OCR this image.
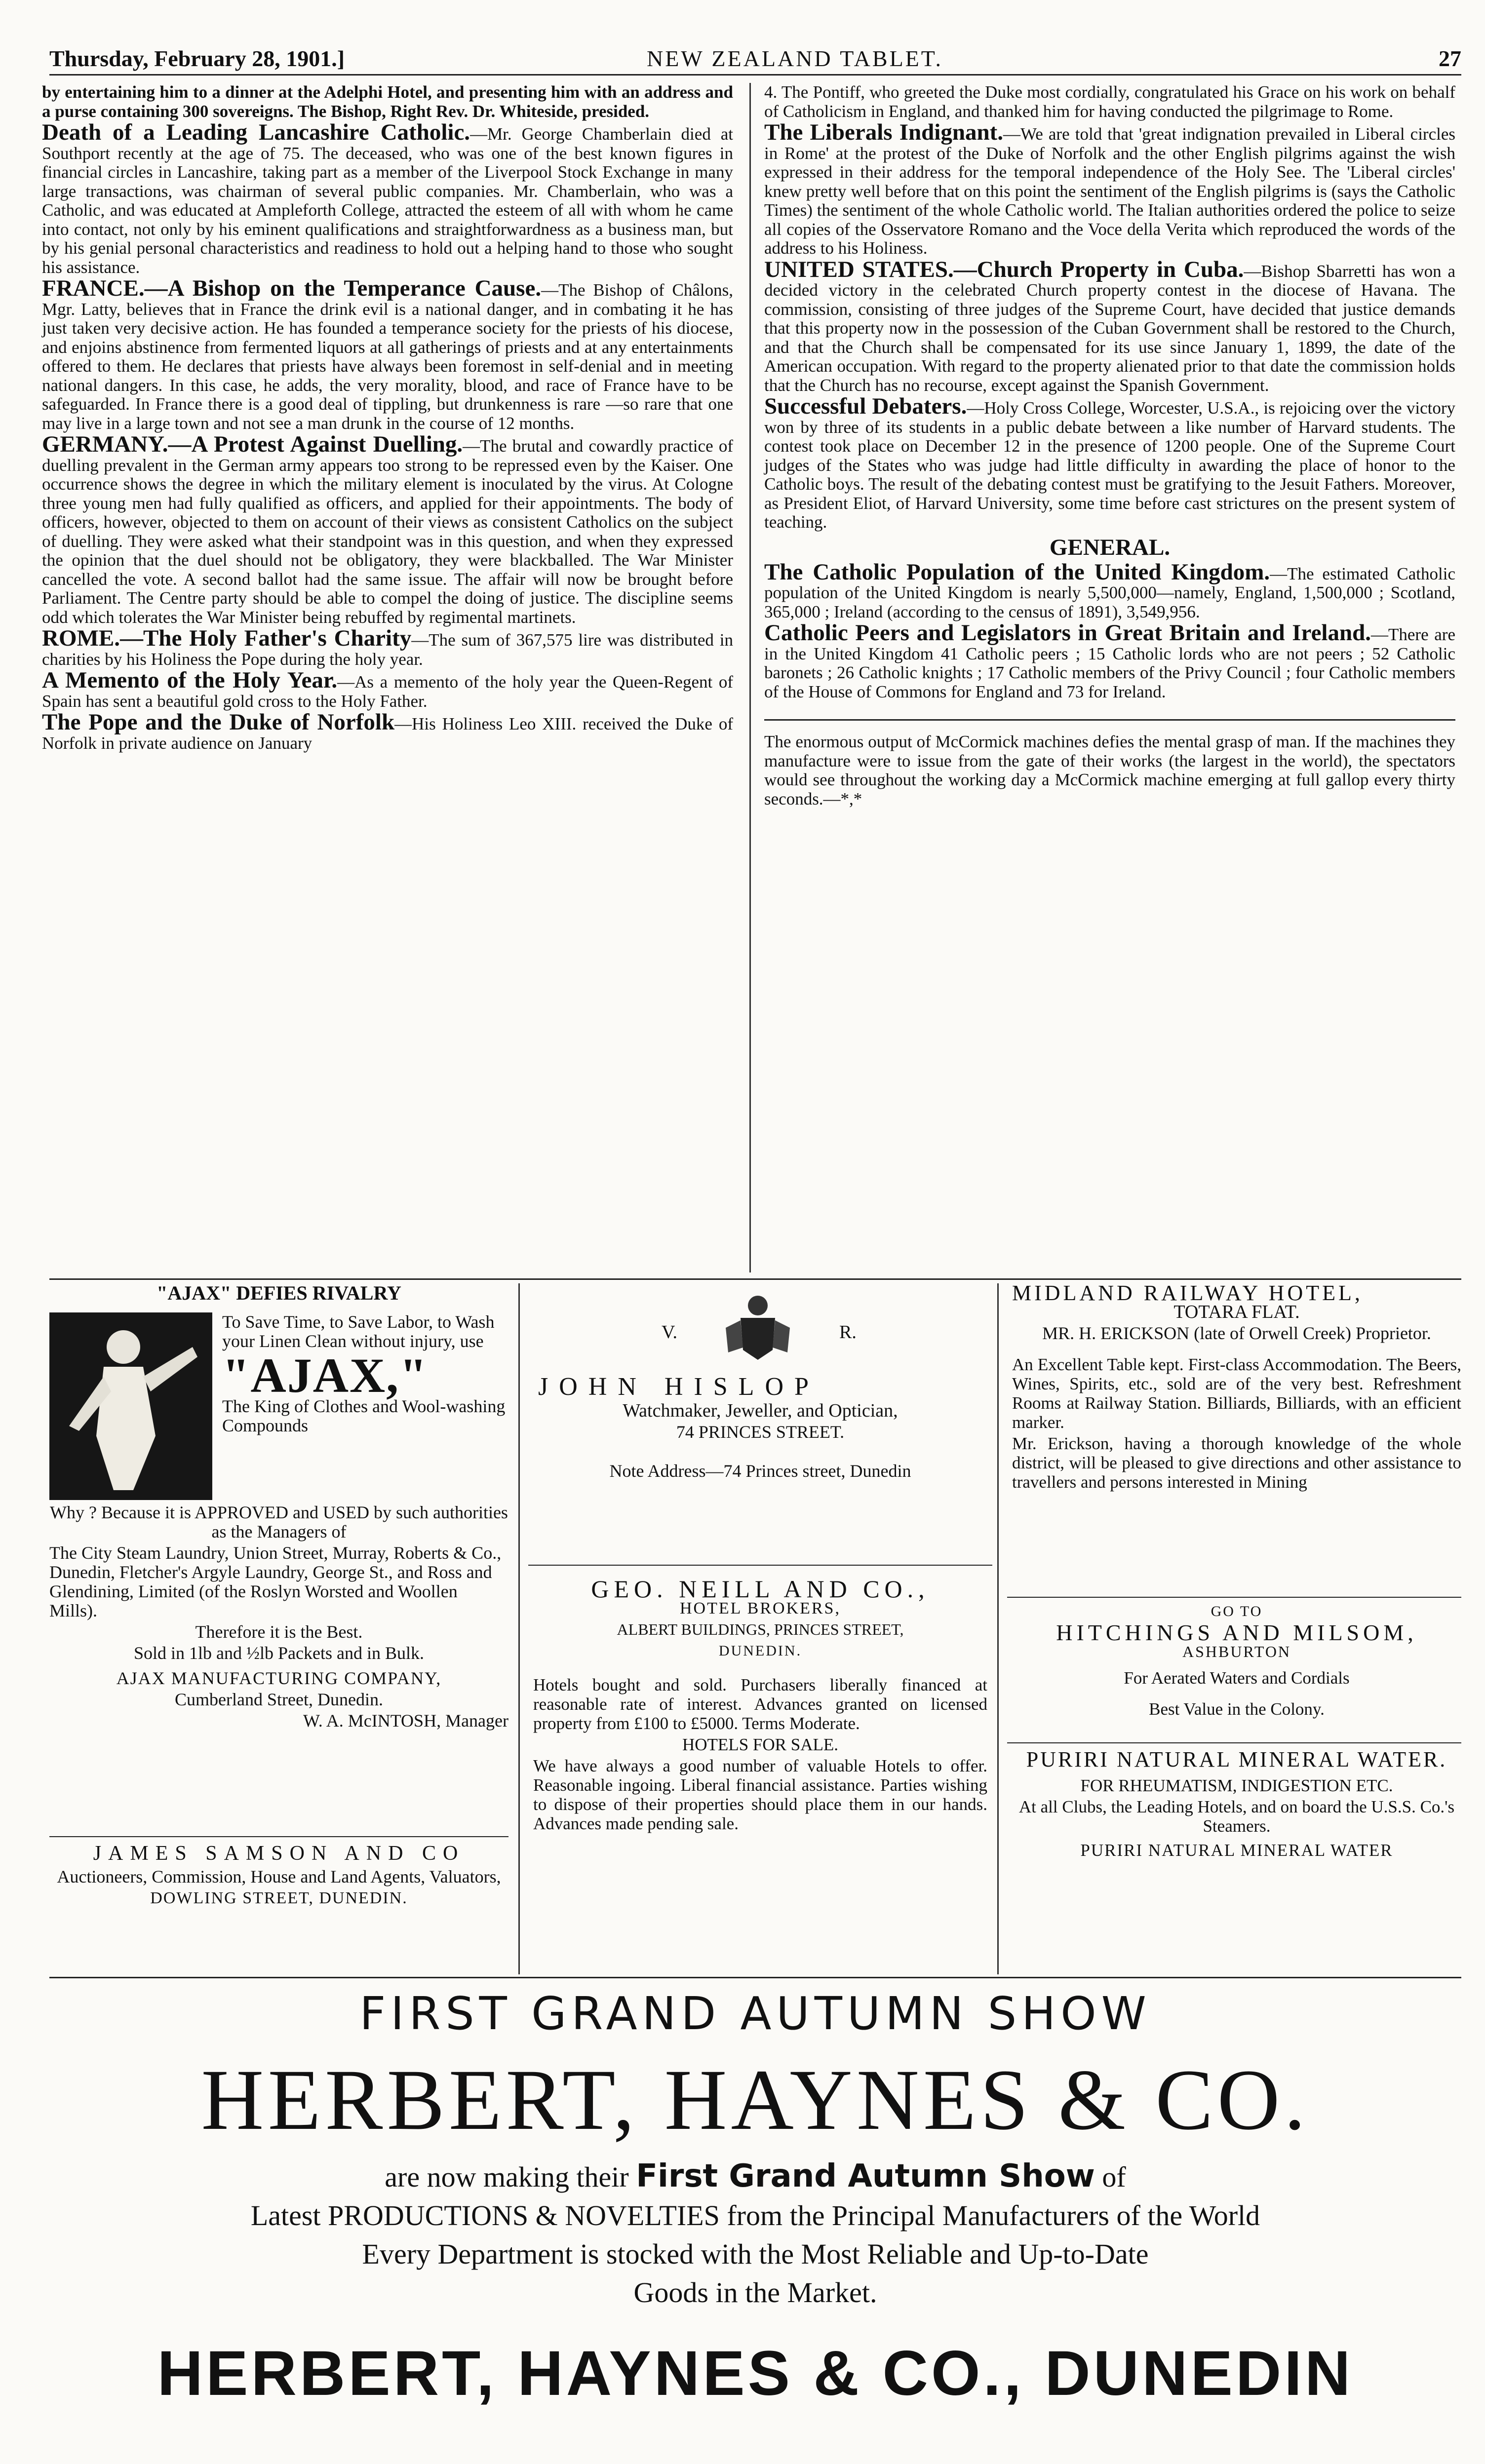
Thursday, February 28, 1901.]	NEW ZEALAND TABLET.	27

by entertaining him to a dinner at the Adelphi Hotel, and presenting him with an address and a purse containing 300 sovereigns. The Bishop, Right Rev. Dr. Whiteside, presided.

Death of a Leading Lancashire Catholic.—Mr. George Chamberlain died at Southport recently at the age of 75. The deceased, who was one of the best known figures in financial circles in Lancashire, taking part as a member of the Liverpool Stock Exchange in many large transactions, was chairman of several public companies. Mr. Chamberlain, who was a Catholic, and was educated at Ampleforth College, attracted the esteem of all with whom he came into contact, not only by his eminent qualifications and straightforwardness as a business man, but by his genial personal characteristics and readiness to hold out a helping hand to those who sought his assistance.

FRANCE.—A Bishop on the Temperance Cause.—The Bishop of Châlons, Mgr. Latty, believes that in France the drink evil is a national danger, and in combating it he has just taken very decisive action. He has founded a temperance society for the priests of his diocese, and enjoins abstinence from fermented liquors at all gatherings of priests and at any entertainments offered to them. He declares that priests have always been foremost in self-denial and in meeting national dangers. In this case, he adds, the very morality, blood, and race of France have to be safeguarded. In France there is a good deal of tippling, but drunkenness is rare —so rare that one may live in a large town and not see a man drunk in the course of 12 months.

GERMANY.—A Protest Against Duelling.—The brutal and cowardly practice of duelling prevalent in the German army appears too strong to be repressed even by the Kaiser. One occurrence shows the degree in which the military element is inoculated by the virus. At Cologne three young men had fully qualified as officers, and applied for their appointments. The body of officers, however, objected to them on account of their views as consistent Catholics on the subject of duelling. They were asked what their standpoint was in this question, and when they expressed the opinion that the duel should not be obligatory, they were blackballed. The War Minister cancelled the vote. A second ballot had the same issue. The affair will now be brought before Parliament. The Centre party should be able to compel the doing of justice. The discipline seems odd which tolerates the War Minister being rebuffed by regimental martinets.

ROME.—The Holy Father's Charity—The sum of 367,575 lire was distributed in charities by his Holiness the Pope during the holy year.

A Memento of the Holy Year.—As a memento of the holy year the Queen-Regent of Spain has sent a beautiful gold cross to the Holy Father.

The Pope and the Duke of Norfolk—His Holiness Leo XIII. received the Duke of Norfolk in private audience on January

4. The Pontiff, who greeted the Duke most cordially, congratulated his Grace on his work on behalf of Catholicism in England, and thanked him for having conducted the pilgrimage to Rome.

The Liberals Indignant.—We are told that 'great indignation prevailed in Liberal circles in Rome' at the protest of the Duke of Norfolk and the other English pilgrims against the wish expressed in their address for the temporal independence of the Holy See. The 'Liberal circles' knew pretty well before that on this point the sentiment of the English pilgrims is (says the Catholic Times) the sentiment of the whole Catholic world. The Italian authorities ordered the police to seize all copies of the Osservatore Romano and the Voce della Verita which reproduced the words of the address to his Holiness.

UNITED STATES.—Church Property in Cuba.—Bishop Sbarretti has won a decided victory in the celebrated Church property contest in the diocese of Havana. The commission, consisting of three judges of the Supreme Court, have decided that justice demands that this property now in the possession of the Cuban Government shall be restored to the Church, and that the Church shall be compensated for its use since January 1, 1899, the date of the American occupation. With regard to the property alienated prior to that date the commission holds that the Church has no recourse, except against the Spanish Government.

Successful Debaters.—Holy Cross College, Worcester, U.S.A., is rejoicing over the victory won by three of its students in a public debate between a like number of Harvard students. The contest took place on December 12 in the presence of 1200 people. One of the Supreme Court judges of the States who was judge had little difficulty in awarding the place of honor to the Catholic boys. The result of the debating contest must be gratifying to the Jesuit Fathers. Moreover, as President Eliot, of Harvard University, some time before cast strictures on the present system of teaching.

GENERAL.

The Catholic Population of the United Kingdom.—The estimated Catholic population of the United Kingdom is nearly 5,500,000—namely, England, 1,500,000 ; Scotland, 365,000 ; Ireland (according to the census of 1891), 3,549,956.

Catholic Peers and Legislators in Great Britain and Ireland.—There are in the United Kingdom 41 Catholic peers ; 15 Catholic lords who are not peers ; 52 Catholic baronets ; 26 Catholic knights ; 17 Catholic members of the Privy Council ; four Catholic members of the House of Commons for England and 73 for Ireland.

The enormous output of McCormick machines defies the mental grasp of man. If the machines they manufacture were to issue from the gate of their works (the largest in the world), the spectators would see throughout the working day a McCormick machine emerging at full gallop every thirty seconds.—*,*

"AJAX" DEFIES RIVALRY

To Save Time, to Save Labor, to Wash your Linen Clean without injury, use

"AJAX,"

The King of Clothes and Wool-washing Compounds

Why ? Because it is APPROVED and USED by such authorities as the Managers of

The City Steam Laundry, Union Street, Murray, Roberts & Co., Dunedin, Fletcher's Argyle Laundry, George St., and Ross and Glendining, Limited (of the Roslyn Worsted and Woollen Mills).

Therefore it is the Best.

Sold in 1lb and ½lb Packets and in Bulk.

AJAX MANUFACTURING COMPANY,

Cumberland Street, Dunedin.

W. A. McINTOSH, Manager

JAMES SAMSON AND CO

Auctioneers, Commission, House and Land Agents, Valuators,

DOWLING STREET, DUNEDIN.

V.	R.
JOHN HISLOP

Watchmaker, Jeweller, and Optician,

74 PRINCES STREET.

Note Address—74 Princes street, Dunedin

GEO. NEILL AND CO.,

HOTEL BROKERS,

ALBERT BUILDINGS, PRINCES STREET,

DUNEDIN.

Hotels bought and sold. Purchasers liberally financed at reasonable rate of interest. Advances granted on licensed property from £100 to £5000. Terms Moderate.

HOTELS FOR SALE.

We have always a good number of valuable Hotels to offer. Reasonable ingoing. Liberal financial assistance. Parties wishing to dispose of their properties should place them in our hands. Advances made pending sale.

MIDLAND RAILWAY HOTEL,

TOTARA FLAT.

MR. H. ERICKSON (late of Orwell Creek) Proprietor.

An Excellent Table kept. First-class Accommodation. The Beers, Wines, Spirits, etc., sold are of the very best. Refreshment Rooms at Railway Station. Billiards, Billiards, with an efficient marker.

Mr. Erickson, having a thorough knowledge of the whole district, will be pleased to give directions and other assistance to travellers and persons interested in Mining

GO TO

HITCHINGS AND MILSOM,

ASHBURTON

For Aerated Waters and Cordials

Best Value in the Colony.

PURIRI NATURAL MINERAL WATER.

FOR RHEUMATISM, INDIGESTION ETC.

At all Clubs, the Leading Hotels, and on board the U.S.S. Co.'s Steamers.

PURIRI NATURAL MINERAL WATER

FIRST GRAND AUTUMN SHOW
HERBERT, HAYNES & CO.
are now making their First Grand Autumn Show of
Latest PRODUCTIONS & NOVELTIES from the Principal Manufacturers of the World
Every Department is stocked with the Most Reliable and Up-to-Date
Goods in the Market.
HERBERT, HAYNES & CO., DUNEDIN
